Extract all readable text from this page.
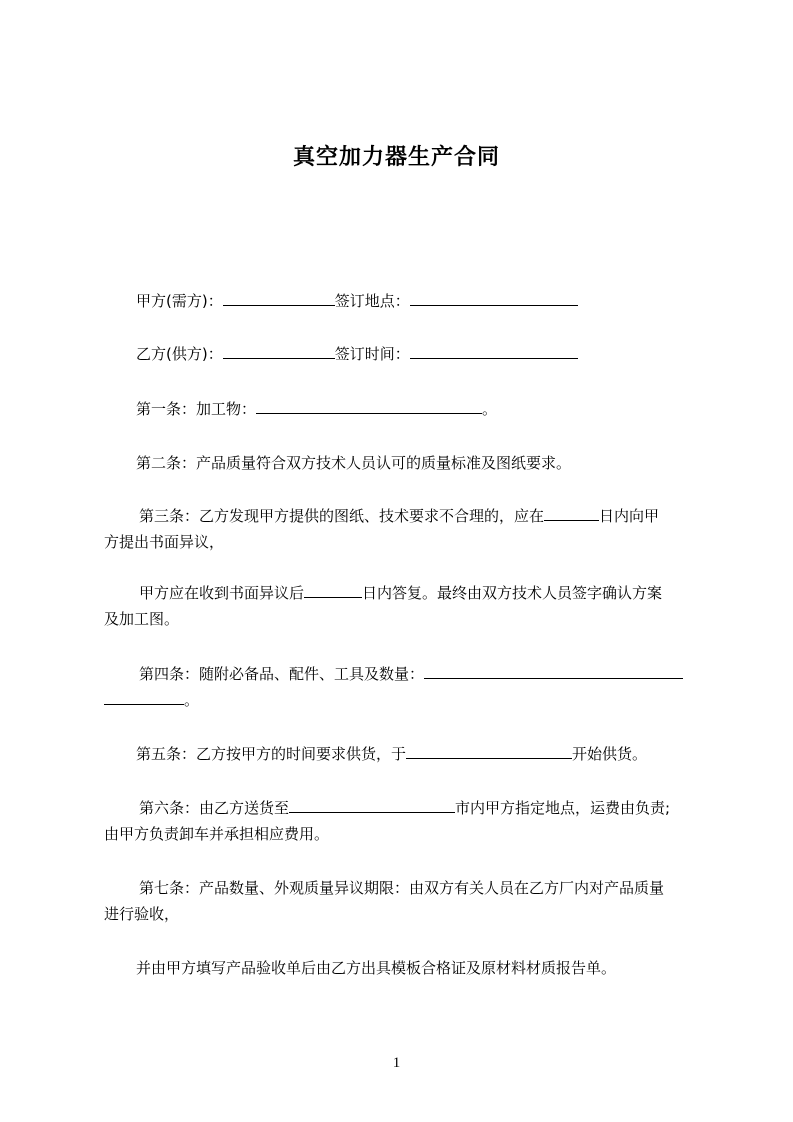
真空加力器生产合同
甲方(需方)：	签订地点：
乙方(供方)：	签订时间：
第一条：加工物：	。
第二条：产品质量符合双方技术人员认可的质量标准及图纸要求。
第三条：乙方发现甲方提供的图纸、技术要求不合理的，应在	日内向甲
方提出书面异议，
甲方应在收到书面异议后	日内答复。最终由双方技术人员签字确认方案
及加工图。
第四条：随附必备品、配件、工具及数量：
。
第五条：乙方按甲方的时间要求供货，于	开始供货。
第六条：由乙方送货至	市内甲方指定地点，运费由负责;
由甲方负责卸车并承担相应费用。
第七条：产品数量、外观质量异议期限：由双方有关人员在乙方厂内对产品质量
进行验收，
并由甲方填写产品验收单后由乙方出具模板合格证及原材料材质报告单。
1
